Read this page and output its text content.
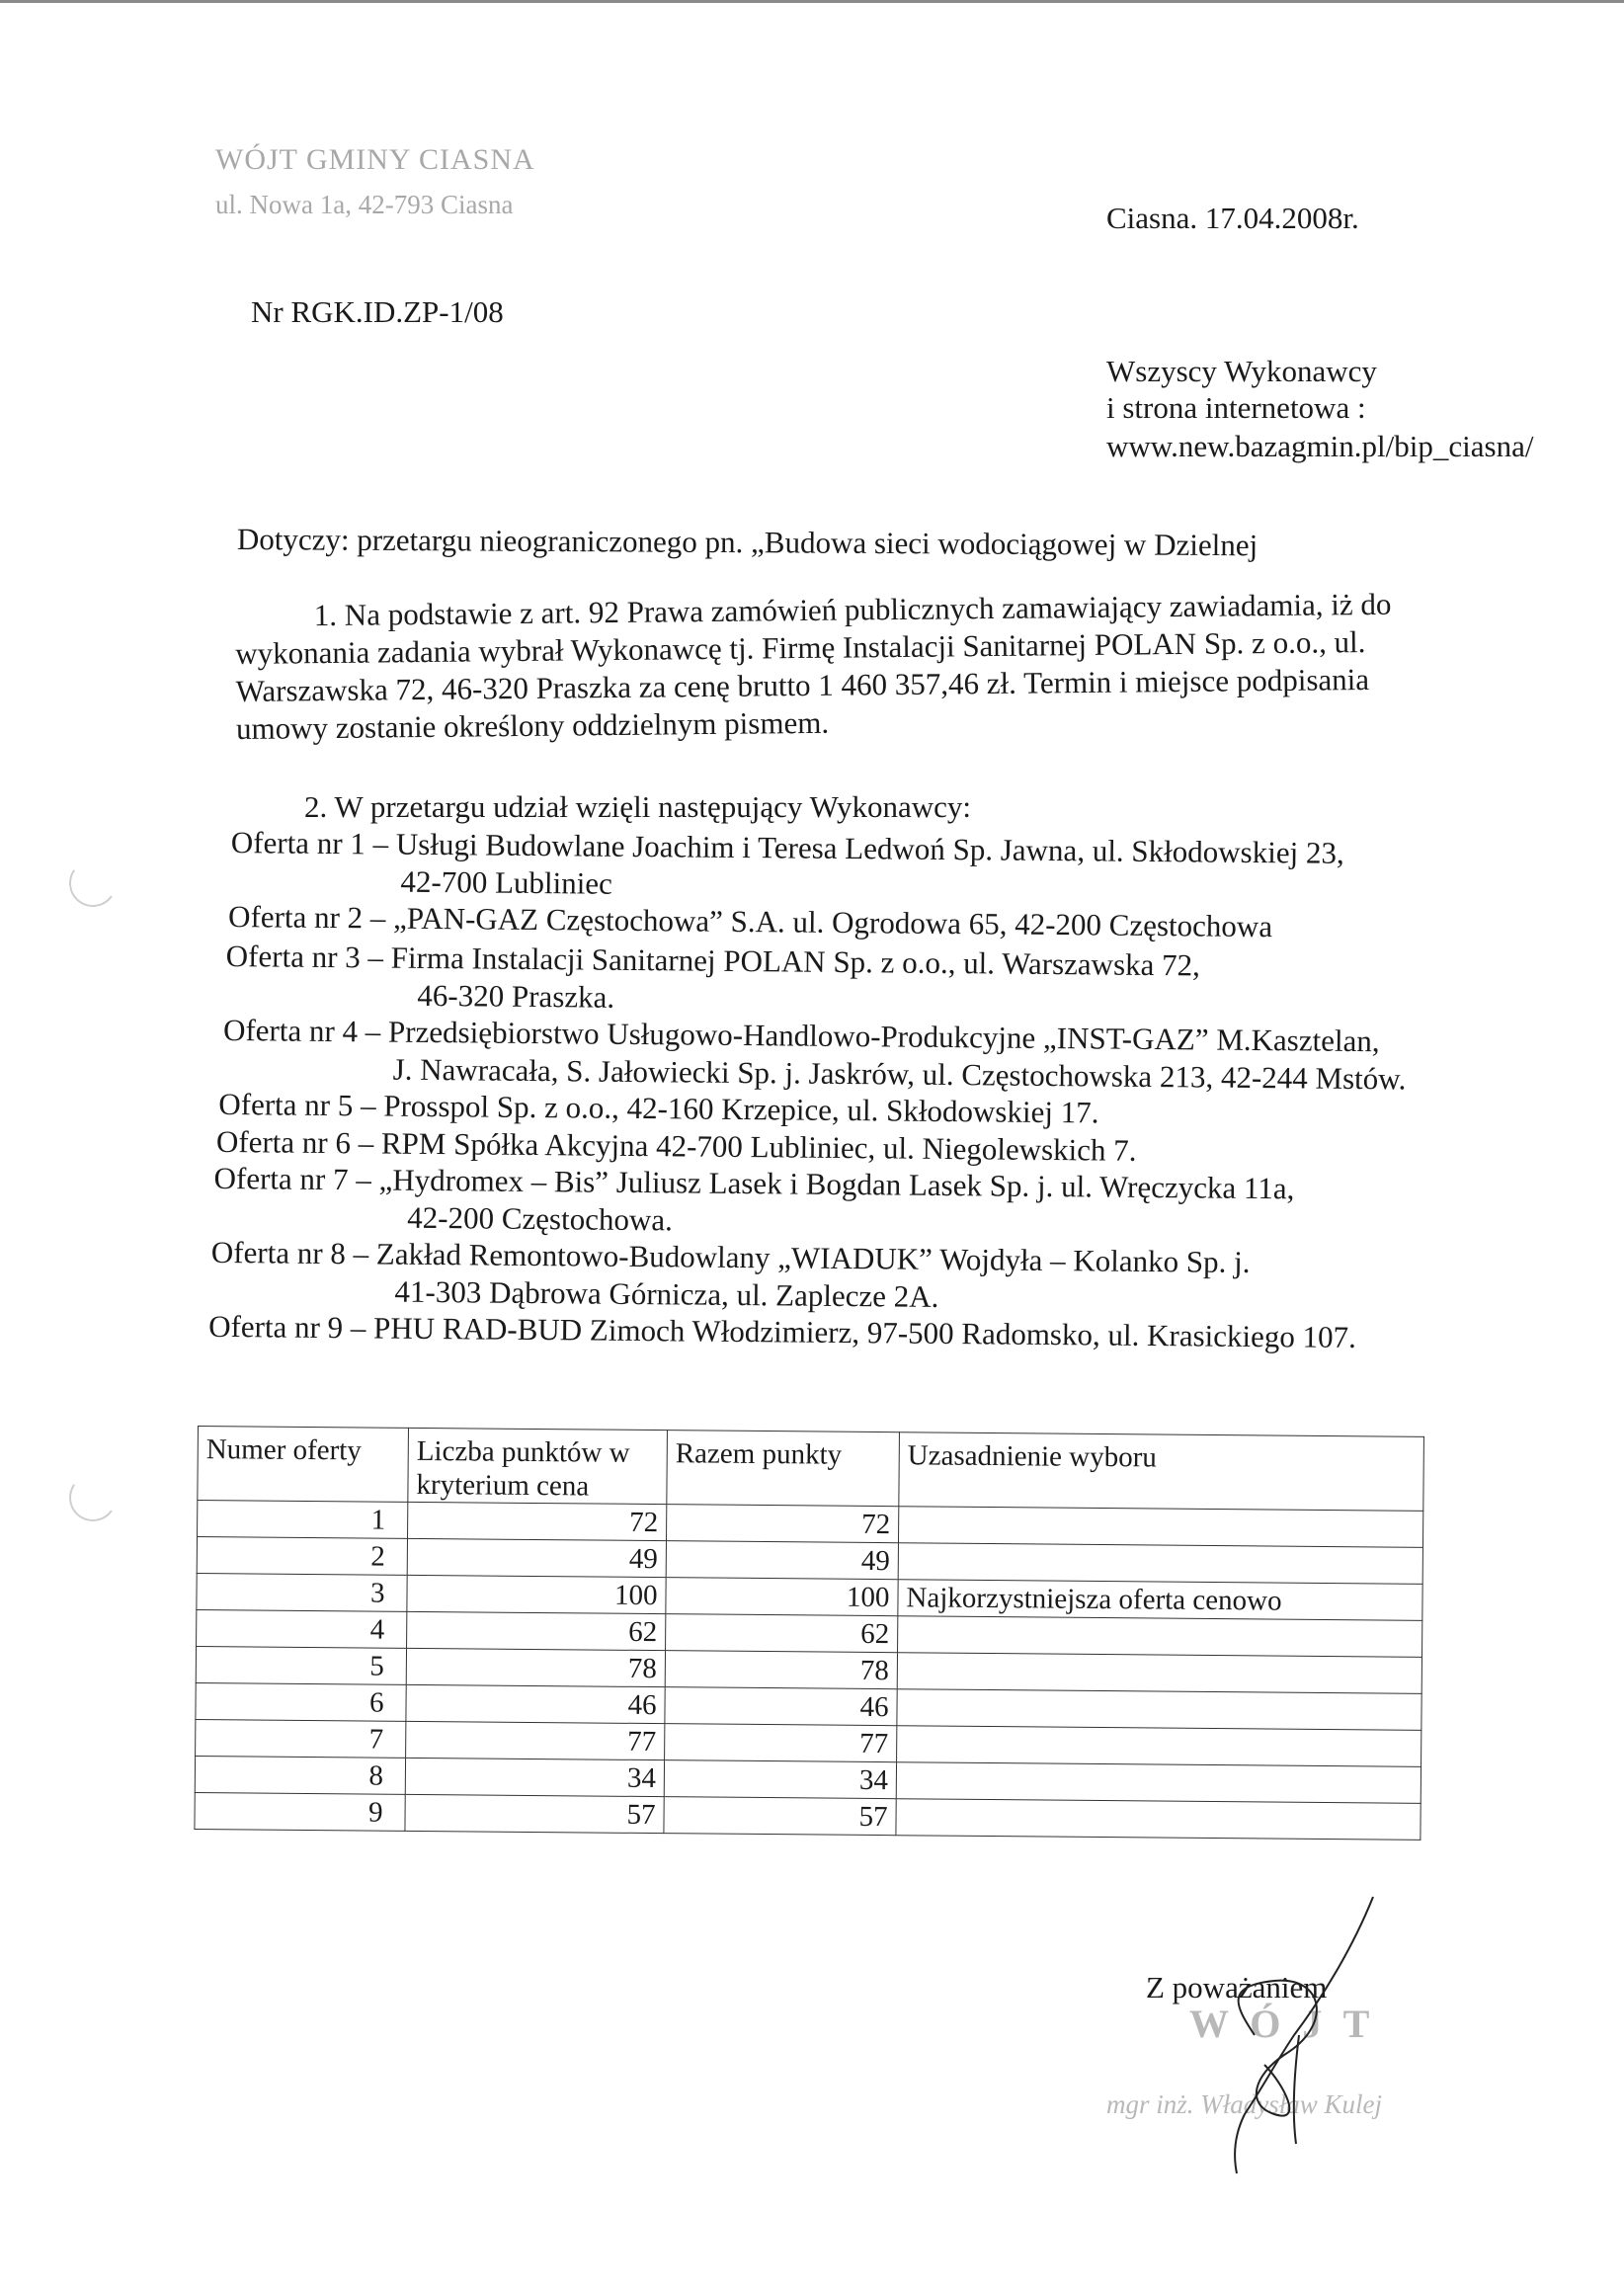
WÓJT GMINY CIASNA
ul. Nowa 1a, 42-793 Ciasna	Ciasna. 17.04.2008r.
Nr RGK.ID.ZP-1/08
Wszyscy Wykonawcy
i strona internetowa :
www.new.bazagmin.pl/bip_ciasna/
Dotyczy: przetargu nieograniczonego pn. „Budowa sieci wodociągowej w Dzielnej
1. Na podstawie z art. 92 Prawa zamówień publicznych zamawiający zawiadamia, iż do
wykonania zadania wybrał Wykonawcę tj. Firmę Instalacji Sanitarnej POLAN Sp. z o.o., ul.
Warszawska 72, 46-320 Praszka za cenę brutto 1 460 357,46 zł. Termin i miejsce podpisania
umowy zostanie określony oddzielnym pismem.
2. W przetargu udział wzięli następujący Wykonawcy:
Oferta nr 1 – Usługi Budowlane Joachim i Teresa Ledwoń Sp. Jawna, ul. Skłodowskiej 23,
42-700 Lubliniec
Oferta nr 2 – „PAN-GAZ Częstochowa” S.A. ul. Ogrodowa 65, 42-200 Częstochowa
Oferta nr 3 – Firma Instalacji Sanitarnej POLAN Sp. z o.o., ul. Warszawska 72,
46-320 Praszka.
Oferta nr 4 – Przedsiębiorstwo Usługowo-Handlowo-Produkcyjne „INST-GAZ” M.Kasztelan,
J. Nawracała, S. Jałowiecki Sp. j. Jaskrów, ul. Częstochowska 213, 42-244 Mstów.
Oferta nr 5 – Prosspol Sp. z o.o., 42-160 Krzepice, ul. Skłodowskiej 17.
Oferta nr 6 – RPM Spółka Akcyjna 42-700 Lubliniec, ul. Niegolewskich 7.
Oferta nr 7 – „Hydromex – Bis” Juliusz Lasek i Bogdan Lasek Sp. j. ul. Wręczycka 11a,
42-200 Częstochowa.
Oferta nr 8 – Zakład Remontowo-Budowlany „WIADUK” Wojdyła – Kolanko Sp. j.
41-303 Dąbrowa Górnicza, ul. Zaplecze 2A.
Oferta nr 9 – PHU RAD-BUD Zimoch Włodzimierz, 97-500 Radomsko, ul. Krasickiego 107.
Numer oferty	Liczba punktów w kryterium cena	Razem punkty	Uzasadnienie wyboru
1	72	72	
2	49	49	
3	100	100	Najkorzystniejsza oferta cenowo
4	62	62	
5	78	78	
6	46	46	
7	77	77	
8	34	34	
9	57	57	
Z poważaniem
W Ó J T
mgr inż. Władysław Kulej
